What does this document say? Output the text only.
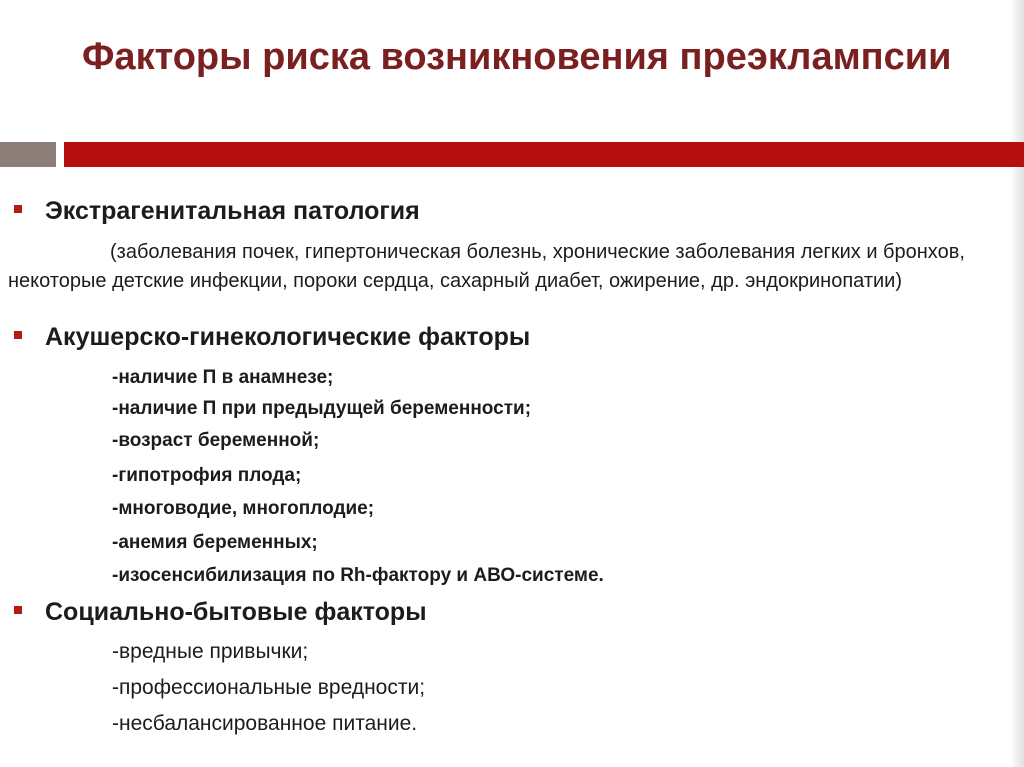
Факторы риска возникновения преэклампсии
Экстрагенитальная патология

(заболевания почек, гипертоническая болезнь, хронические заболевания легких и бронхов, некоторые детские инфекции, пороки сердца, сахарный диабет, ожирение, др. эндокринопатии)

Акушерско-гинекологические факторы
-наличие П в анамнезе;
-наличие П при предыдущей беременности;
-возраст беременной;
-гипотрофия плода;
-многоводие, многоплодие;
-анемия беременных;
-изосенсибилизация по Rh-фактору и АВО-системе.
Социально-бытовые факторы
-вредные привычки;
-профессиональные вредности;
-несбалансированное питание.
